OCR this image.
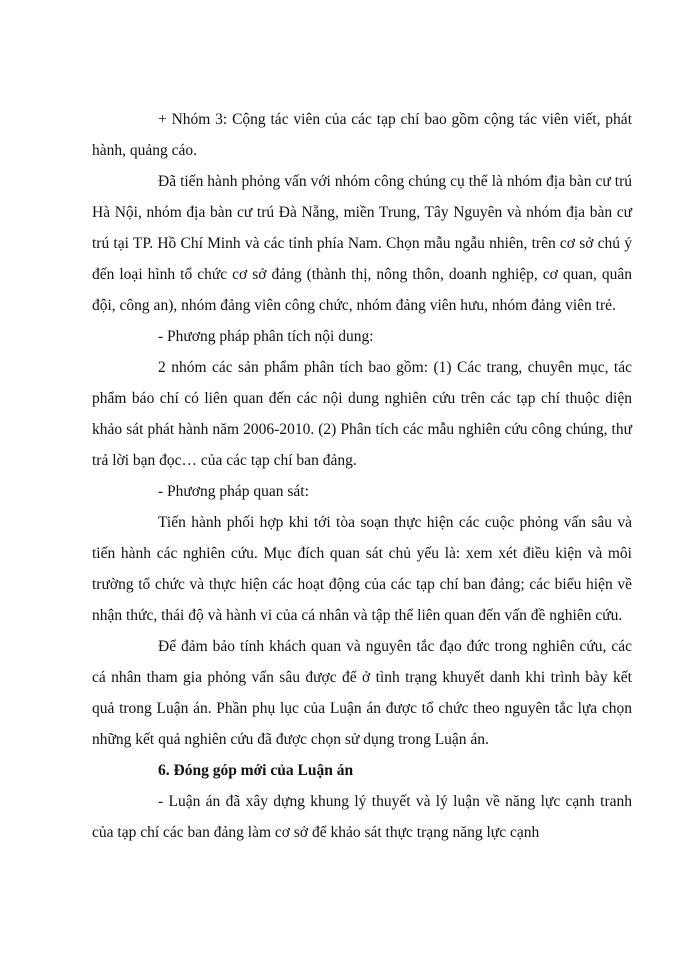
+ Nhóm 3: Cộng tác viên của các tạp chí bao gồm cộng tác viên viết, phát hành, quảng cáo.

Đã tiến hành phỏng vấn với nhóm công chúng cụ thể là nhóm địa bàn cư trú Hà Nội, nhóm địa bàn cư trú Đà Nẵng, miền Trung, Tây Nguyên và nhóm địa bàn cư trú tại TP. Hồ Chí Minh và các tỉnh phía Nam. Chọn mẫu ngẫu nhiên, trên cơ sở chú ý đến loại hình tổ chức cơ sở đảng (thành thị, nông thôn, doanh nghiệp, cơ quan, quân đội, công an), nhóm đảng viên công chức, nhóm đảng viên hưu, nhóm đảng viên trẻ.

- Phương pháp phân tích nội dung:

2 nhóm các sản phẩm phân tích bao gồm: (1) Các trang, chuyên mục, tác phẩm báo chí có liên quan đến các nội dung nghiên cứu trên các tạp chí thuộc diện khảo sát phát hành năm 2006-2010. (2) Phân tích các mẫu nghiên cứu công chúng, thư trả lời bạn đọc… của các tạp chí ban đảng.

- Phương pháp quan sát:

Tiến hành phối hợp khi tới tòa soạn thực hiện các cuộc phỏng vấn sâu và tiến hành các nghiên cứu. Mục đích quan sát chủ yếu là: xem xét điều kiện và môi trường tổ chức và thực hiện các hoạt động của các tạp chí ban đảng; các biểu hiện về nhận thức, thái độ và hành vi của cá nhân và tập thể liên quan đến vấn đề nghiên cứu.

Để đảm bảo tính khách quan và nguyên tắc đạo đức trong nghiên cứu, các cá nhân tham gia phỏng vấn sâu được để ở tình trạng khuyết danh khi trình bày kết quả trong Luận án. Phần phụ lục của Luận án được tổ chức theo nguyên tắc lựa chọn những kết quả nghiên cứu đã được chọn sử dụng trong Luận án.

6. Đóng góp mới của Luận án

- Luận án đã xây dựng khung lý thuyết và lý luận về năng lực cạnh tranh của tạp chí các ban đảng làm cơ sở để khảo sát thực trạng năng lực cạnh
